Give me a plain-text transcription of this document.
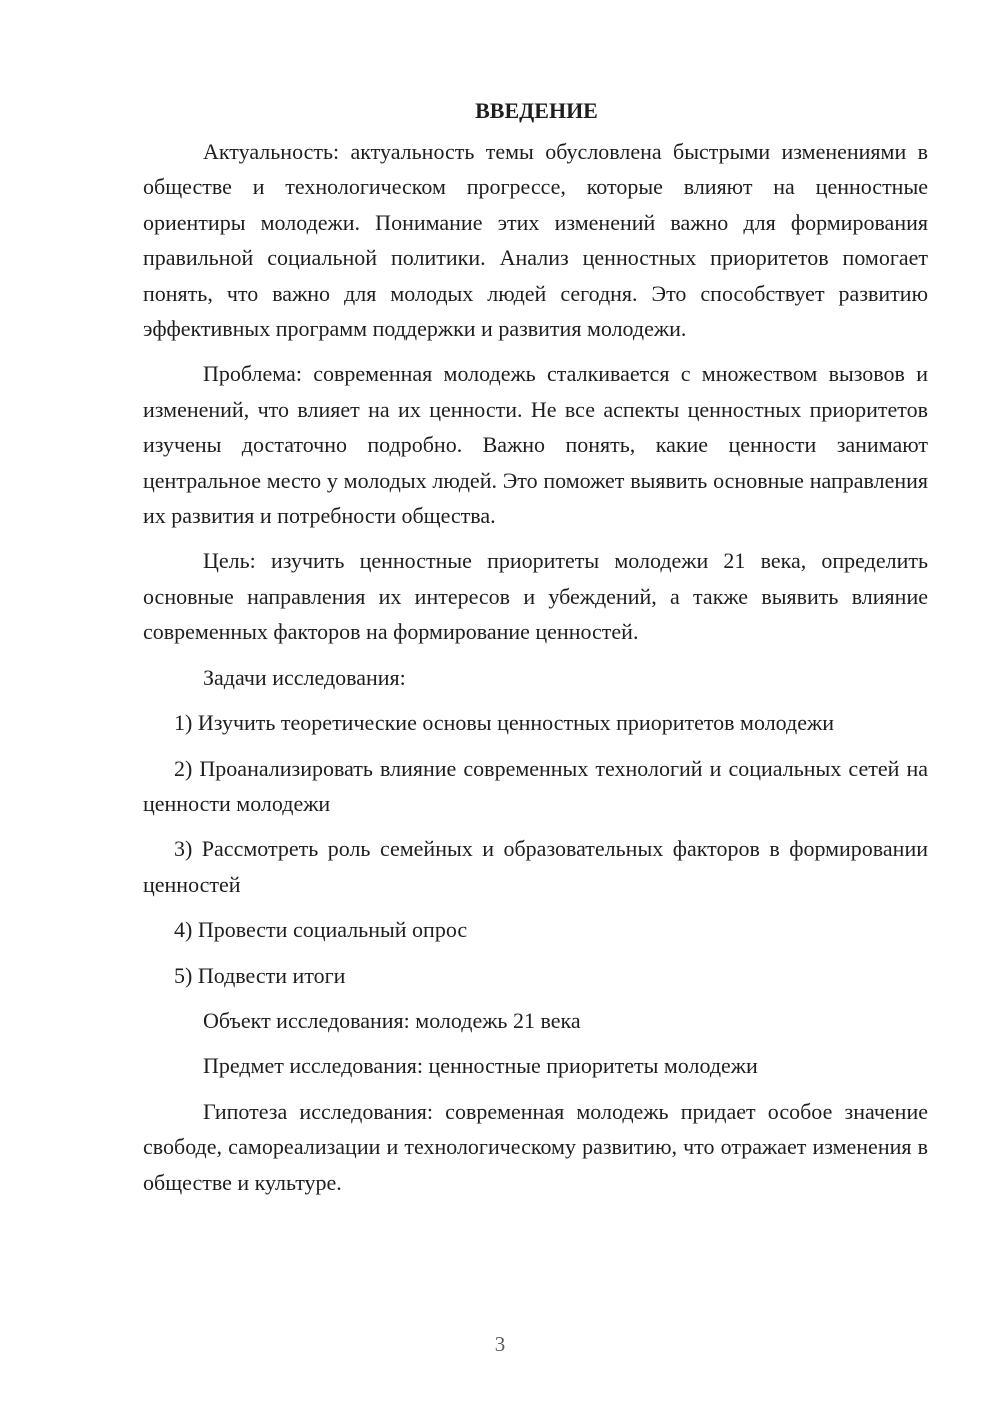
ВВЕДЕНИЕ

Актуальность: актуальность темы обусловлена быстрыми изменениями в обществе и технологическом прогрессе, которые влияют на ценностные ориентиры молодежи. Понимание этих изменений важно для формирования правильной социальной политики. Анализ ценностных приоритетов помогает понять, что важно для молодых людей сегодня. Это способствует развитию эффективных программ поддержки и развития молодежи.

Проблема: современная молодежь сталкивается с множеством вызовов и изменений, что влияет на их ценности. Не все аспекты ценностных приоритетов изучены достаточно подробно. Важно понять, какие ценности занимают центральное место у молодых людей. Это поможет выявить основные направления их развития и потребности общества.

Цель: изучить ценностные приоритеты молодежи 21 века, определить основные направления их интересов и убеждений, а также выявить влияние современных факторов на формирование ценностей.

Задачи исследования:

1) Изучить теоретические основы ценностных приоритетов молодежи

2) Проанализировать влияние современных технологий и социальных сетей на ценности молодежи

3) Рассмотреть роль семейных и образовательных факторов в формировании ценностей

4) Провести социальный опрос

5) Подвести итоги

Объект исследования: молодежь 21 века

Предмет исследования: ценностные приоритеты молодежи

Гипотеза исследования: современная молодежь придает особое значение свободе, самореализации и технологическому развитию, что отражает изменения в обществе и культуре.

3
